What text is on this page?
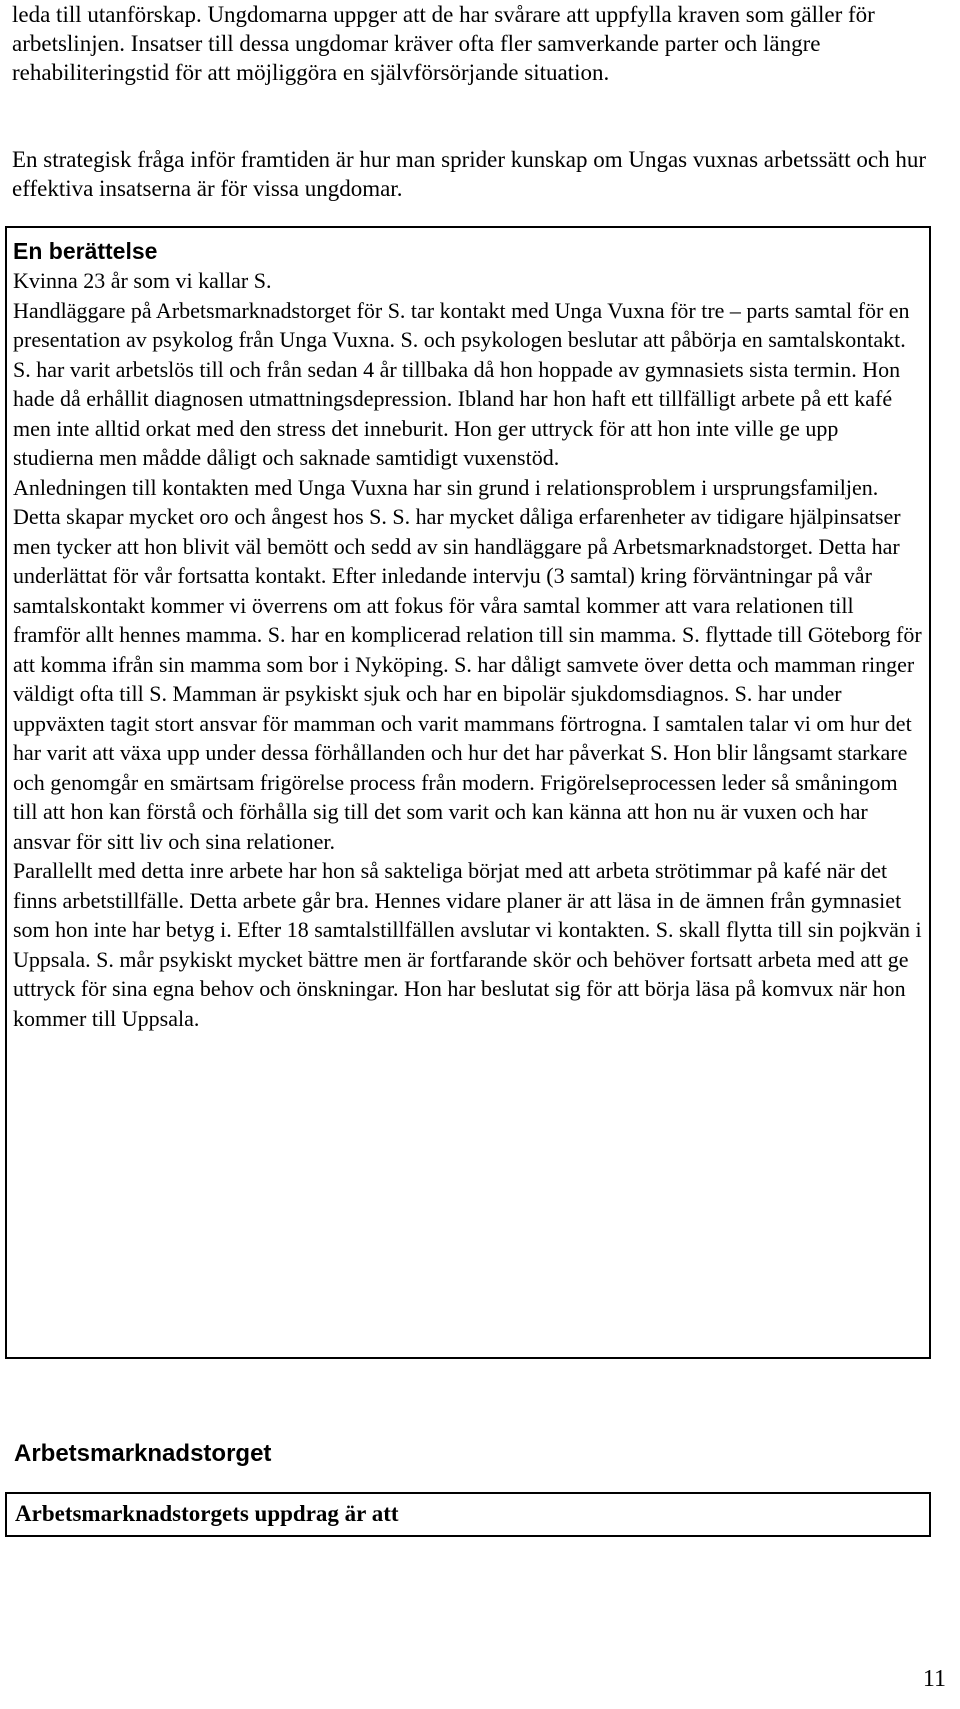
leda till utanförskap. Ungdomarna uppger att de har svårare att uppfylla kraven som gäller för arbetslinjen. Insatser till dessa ungdomar kräver ofta fler samverkande parter och längre rehabiliteringstid för att möjliggöra en självförsörjande situation.

En strategisk fråga inför framtiden är hur man sprider kunskap om Ungas vuxnas arbetssätt och hur effektiva insatserna är för vissa ungdomar.

En berättelse

Kvinna 23 år som vi kallar S.

Handläggare på Arbetsmarknadstorget för S. tar kontakt med Unga Vuxna för tre – parts samtal för en presentation av psykolog från Unga Vuxna. S. och psykologen beslutar att påbörja en samtalskontakt. S. har varit arbetslös till och från sedan 4 år tillbaka då hon hoppade av gymnasiets sista termin. Hon hade då erhållit diagnosen utmattningsdepression. Ibland har hon haft ett tillfälligt arbete på ett kafé men inte alltid orkat med den stress det inneburit. Hon ger uttryck för att hon inte ville ge upp studierna men mådde dåligt och saknade samtidigt vuxenstöd.

Anledningen till kontakten med Unga Vuxna har sin grund i relationsproblem i ursprungsfamiljen. Detta skapar mycket oro och ångest hos S. S. har mycket dåliga erfarenheter av tidigare hjälpinsatser men tycker att hon blivit väl bemött och sedd av sin handläggare på Arbetsmarknadstorget. Detta har underlättat för vår fortsatta kontakt. Efter inledande intervju (3 samtal) kring förväntningar på vår samtalskontakt kommer vi överrens om att fokus för våra samtal kommer att vara relationen till framför allt hennes mamma. S. har en komplicerad relation till sin mamma. S. flyttade till Göteborg för att komma ifrån sin mamma som bor i Nyköping. S. har dåligt samvete över detta och mamman ringer väldigt ofta till S. Mamman är psykiskt sjuk och har en bipolär sjukdomsdiagnos. S. har under uppväxten tagit stort ansvar för mamman och varit mammans förtrogna. I samtalen talar vi om hur det har varit att växa upp under dessa förhållanden och hur det har påverkat S. Hon blir långsamt starkare och genomgår en smärtsam frigörelse process från modern. Frigörelseprocessen leder så småningom till att hon kan förstå och förhålla sig till det som varit och kan känna att hon nu är vuxen och har ansvar för sitt liv och sina relationer.

Parallellt med detta inre arbete har hon så sakteliga börjat med att arbeta strötimmar på kafé när det finns arbetstillfälle. Detta arbete går bra. Hennes vidare planer är att läsa in de ämnen från gymnasiet som hon inte har betyg i. Efter 18 samtalstillfällen avslutar vi kontakten. S. skall flytta till sin pojkvän i Uppsala. S. mår psykiskt mycket bättre men är fortfarande skör och behöver fortsatt arbeta med att ge uttryck för sina egna behov och önskningar. Hon har beslutat sig för att börja läsa på komvux när hon kommer till Uppsala.

Arbetsmarknadstorget

Arbetsmarknadstorgets uppdrag är att

11
